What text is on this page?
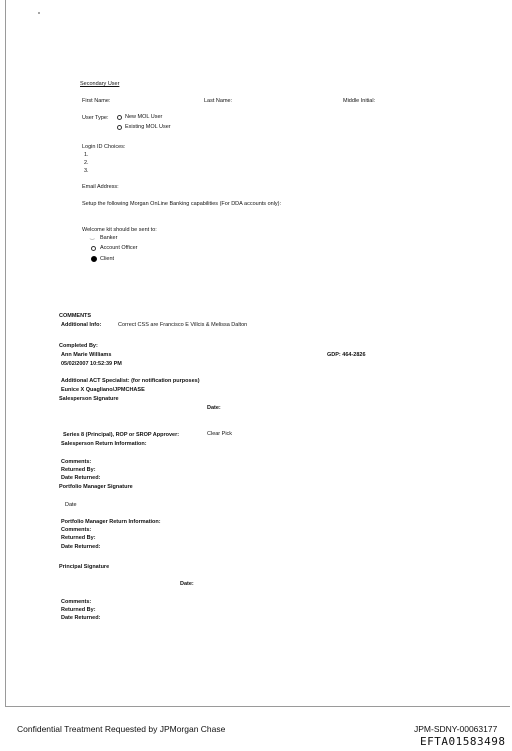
Secondary User
First Name:	Last Name:	Middle Initial:
User Type:	New MOL User
Existing MOL User
Login ID Choices:
1.
2.
3.
Email Address:
Setup the following Morgan OnLine Banking capabilities (For DDA accounts only):
Welcome kit should be sent to:
‿ Banker
Account Officer
Client
COMMENTS
Additional Info:	Correct CSS are Francisco E Villcis & Melissa Dalton
Completed By:
Ann Marie Williams	GDP: 464-2826
05/02/2007 10:52:39 PM
Additional ACT Specialist: (for notification purposes)
Eunice X Quagliano/JPMCHASE
Salesperson Signature
Date:
Series 8 (Principal), ROP or SROP Approver:	Clear Pick
Salesperson Return Information:
Comments:
Returned By:
Date Returned:
Portfolio Manager Signature
Date
Portfolio Manager Return Information:
Comments:
Returned By:
Date Returned:
Principal Signature
Date:
Comments:
Returned By:
Date Returned:
Confidential Treatment Requested by JPMorgan Chase	JPM-SDNY-00063177
EFTA01583498
